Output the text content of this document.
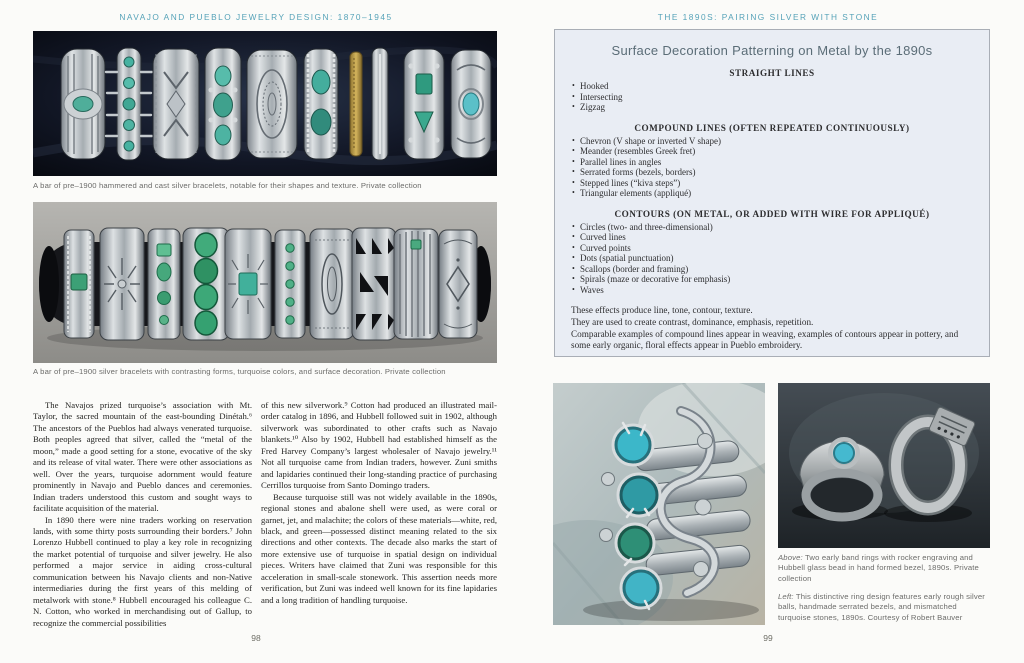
NAVAJO AND PUEBLO JEWELRY DESIGN: 1870–1945
A bar of pre–1900 hammered and cast silver bracelets, notable for their shapes and texture. Private collection
A bar of pre–1900 silver bracelets with contrasting forms, turquoise colors, and surface decoration. Private collection

The Navajos prized turquoise’s association with Mt. Taylor, the sacred mountain of the east-bounding Dinétah.⁶ The ancestors of the Pueblos had always venerated turquoise. Both peoples agreed that silver, called the “metal of the moon,” made a good setting for a stone, evocative of the sky and its release of vital water. There were other associations as well. Over the years, turquoise adornment would feature prominently in Navajo and Pueblo dances and ceremonies. Indian traders understood this custom and sought ways to facilitate acquisition of the material.

In 1890 there were nine traders working on reservation lands, with some thirty posts surrounding their borders.⁷ John Lorenzo Hubbell continued to play a key role in recognizing the market potential of turquoise and silver jewelry. He also performed a major service in aiding cross-cultural communication between his Navajo clients and non-Native intermediaries during the first years of this melding of metalwork with stone.⁸ Hubbell encouraged his colleague C. N. Cotton, who worked in merchandising out of Gallup, to recognize the commercial possibilities

of this new silverwork.⁹ Cotton had produced an illustrated mail-order catalog in 1896, and Hubbell followed suit in 1902, although silverwork was subordinated to other crafts such as Navajo blankets.¹⁰ Also by 1902, Hubbell had established himself as the Fred Harvey Company’s largest wholesaler of Navajo jewelry.¹¹ Not all turquoise came from Indian traders, however. Zuni smiths and lapidaries continued their long-standing practice of purchasing Cerrillos turquoise from Santo Domingo traders.

Because turquoise still was not widely available in the 1890s, regional stones and abalone shell were used, as were coral or garnet, jet, and malachite; the colors of these materials—white, red, black, and green—possessed distinct meaning related to the six directions and other contexts. The decade also marks the start of more extensive use of turquoise in spatial design on individual pieces. Writers have claimed that Zuni was responsible for this acceleration in small-scale stonework. This assertion needs more verification, but Zuni was indeed well known for its fine lapidaries and a long tradition of handling turquoise.

98
THE 1890S: PAIRING SILVER WITH STONE
Surface Decoration Patterning on Metal by the 1890s
STRAIGHT LINES
• Hooked
• Intersecting
• Zigzag
COMPOUND LINES (OFTEN REPEATED CONTINUOUSLY)
• Chevron (V shape or inverted V shape)
• Meander (resembles Greek fret)
• Parallel lines in angles
• Serrated forms (bezels, borders)
• Stepped lines (“kiva steps”)
• Triangular elements (appliqué)
CONTOURS (ON METAL, OR ADDED WITH WIRE FOR APPLIQUÉ)
• Circles (two- and three-dimensional)
• Curved lines
• Curved points
• Dots (spatial punctuation)
• Scallops (border and framing)
• Spirals (maze or decorative for emphasis)
• Waves
These effects produce line, tone, contour, texture.
They are used to create contrast, dominance, emphasis, repetition.
Comparable examples of compound lines appear in weaving, examples of contours appear in pottery, and some early organic, floral effects appear in Pueblo embroidery.
Above: Two early band rings with rocker engraving and Hubbell glass bead in hand formed bezel, 1890s. Private collection
Left: This distinctive ring design features early rough silver balls, handmade serrated bezels, and mismatched turquoise stones, 1890s. Courtesy of Robert Bauver
99
